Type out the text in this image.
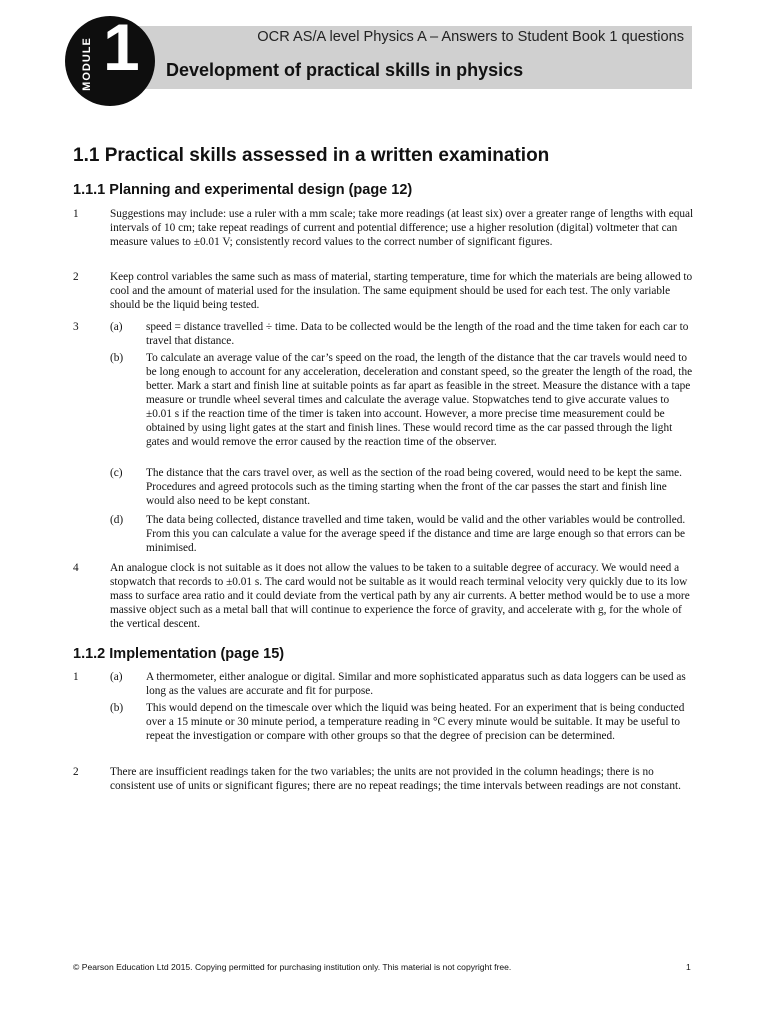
MODULE 1	OCR AS/A level Physics A – Answers to Student Book 1 questions
Development of practical skills in physics
1.1 Practical skills assessed in a written examination
1.1.1 Planning and experimental design (page 12)
1	Suggestions may include: use a ruler with a mm scale; take more readings (at least six) over a greater range of lengths with equal intervals of 10 cm; take repeat readings of current and potential difference; use a higher resolution (digital) voltmeter that can measure values to ±0.01 V; consistently record values to the correct number of significant figures.
2	Keep control variables the same such as mass of material, starting temperature, time for which the materials are being allowed to cool and the amount of material used for the insulation. The same equipment should be used for each test. The only variable should be the liquid being tested.
3	(a) speed = distance travelled ÷ time. Data to be collected would be the length of the road and the time taken for each car to travel that distance.
(b) To calculate an average value of the car’s speed on the road, the length of the distance that the car travels would need to be long enough to account for any acceleration, deceleration and constant speed, so the greater the length of the road, the better. Mark a start and finish line at suitable points as far apart as feasible in the street. Measure the distance with a tape measure or trundle wheel several times and calculate the average value. Stopwatches tend to give accurate values to ±0.01 s if the reaction time of the timer is taken into account. However, a more precise time measurement could be obtained by using light gates at the start and finish lines. These would record time as the car passed through the light gates and would remove the error caused by the reaction time of the observer.
(c) The distance that the cars travel over, as well as the section of the road being covered, would need to be kept the same. Procedures and agreed protocols such as the timing starting when the front of the car passes the start and finish line would also need to be kept constant.
(d) The data being collected, distance travelled and time taken, would be valid and the other variables would be controlled. From this you can calculate a value for the average speed if the distance and time are large enough so that errors can be minimised.
4	An analogue clock is not suitable as it does not allow the values to be taken to a suitable degree of accuracy. We would need a stopwatch that records to ±0.01 s. The card would not be suitable as it would reach terminal velocity very quickly due to its low mass to surface area ratio and it could deviate from the vertical path by any air currents. A better method would be to use a more massive object such as a metal ball that will continue to experience the force of gravity, and accelerate with g, for the whole of the vertical descent.
1.1.2 Implementation (page 15)
1	(a) A thermometer, either analogue or digital. Similar and more sophisticated apparatus such as data loggers can be used as long as the values are accurate and fit for purpose.
(b) This would depend on the timescale over which the liquid was being heated. For an experiment that is being conducted over a 15 minute or 30 minute period, a temperature reading in °C every minute would be suitable. It may be useful to repeat the investigation or compare with other groups so that the degree of precision can be determined.
2	There are insufficient readings taken for the two variables; the units are not provided in the column headings; there is no consistent use of units or significant figures; there are no repeat readings; the time intervals between readings are not constant.
© Pearson Education Ltd 2015. Copying permitted for purchasing institution only. This material is not copyright free.	1
